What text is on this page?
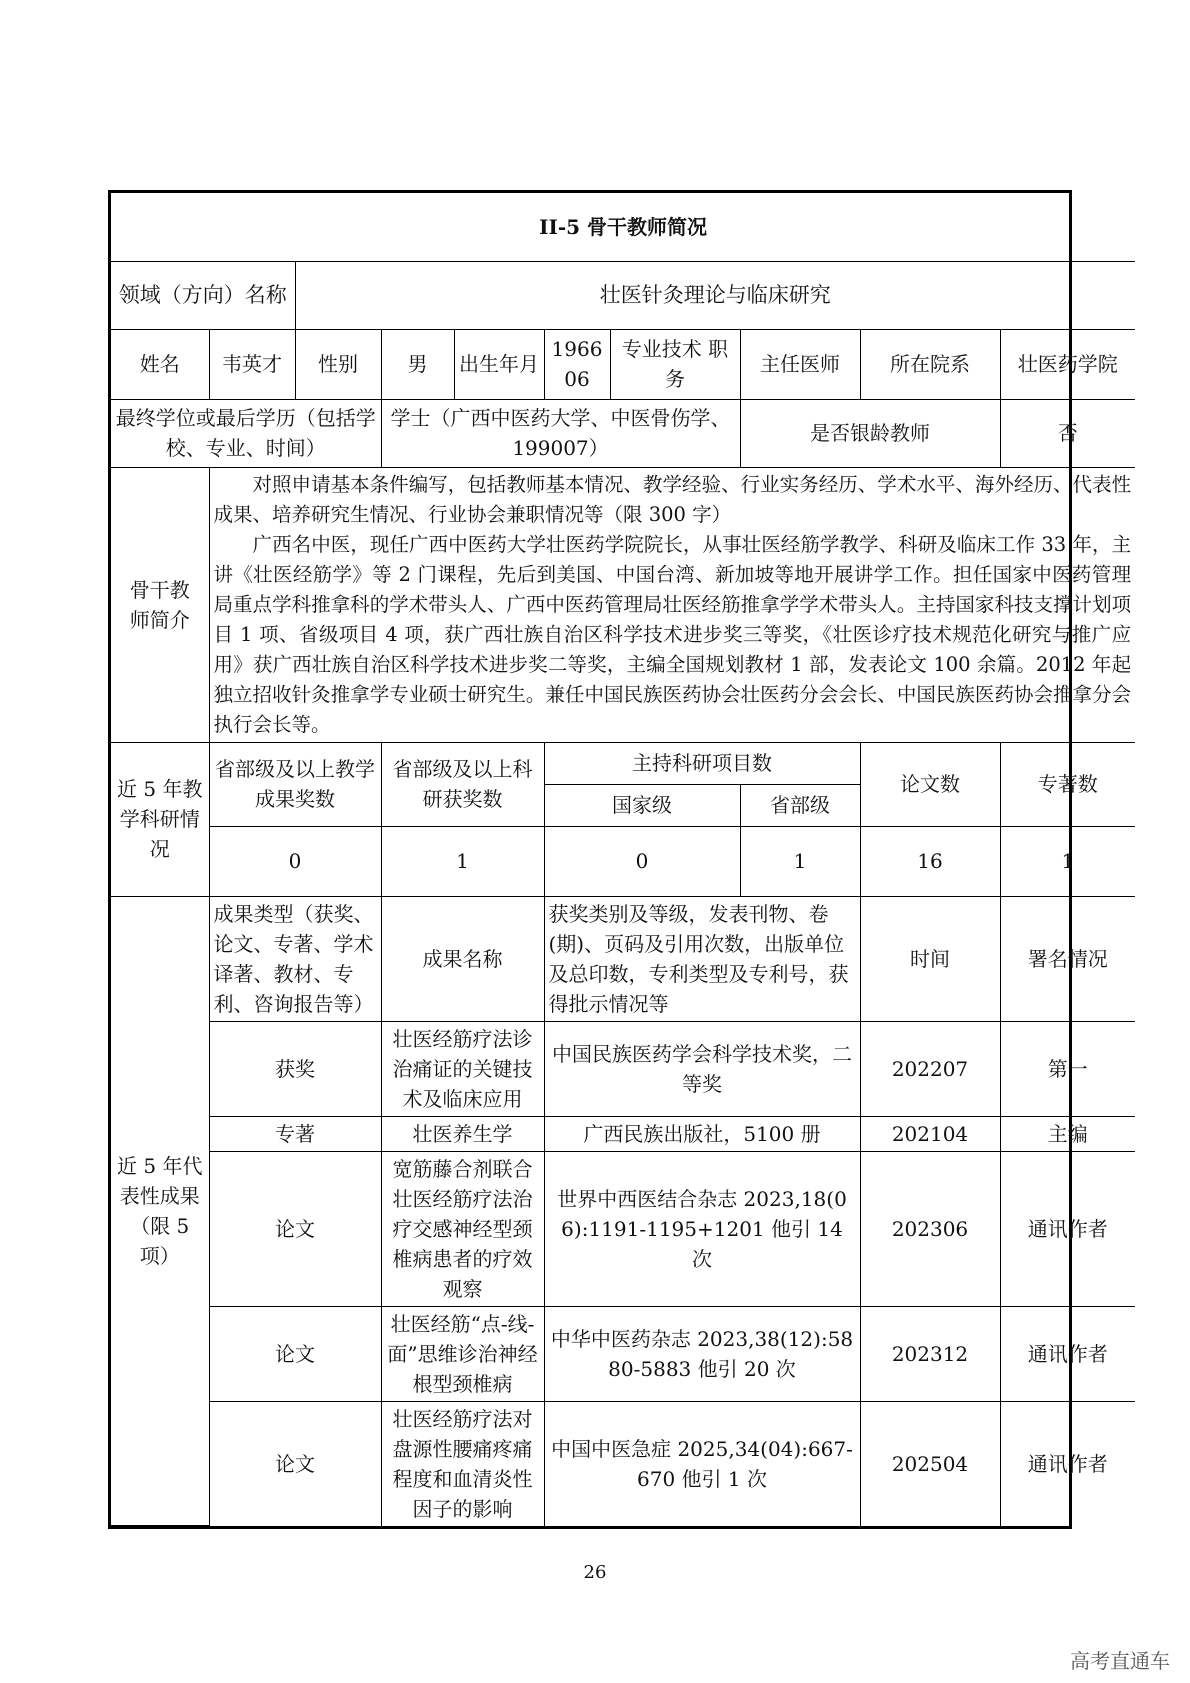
II-5 骨干教师简况									
领域（方向）名称		壮医针灸理论与临床研究							
姓名	韦英才	性别	男	出生年月	1966 06	专业技术 职　务	主任医师	所在院系	壮医药学院
最终学位或最后学历（包括学校、专业、时间）			学士（广西中医药大学、中医骨伤学、199007）				是否银龄教师		否
骨干教师简介	对照申请基本条件编写，包括教师基本情况、教学经验、行业实务经历、学术水平、海外经历、代表性成果、培养研究生情况、行业协会兼职情况等（限 300 字）

广西名中医，现任广西中医药大学壮医药学院院长，从事壮医经筋学教学、科研及临床工作 33 年，主讲《壮医经筋学》等 2 门课程，先后到美国、中国台湾、新加坡等地开展讲学工作。担任国家中医药管理局重点学科推拿科的学术带头人、广西中医药管理局壮医经筋推拿学学术带头人。主持国家科技支撑计划项目 1 项、省级项目 4 项，获广西壮族自治区科学技术进步奖三等奖，《壮医诊疗技术规范化研究与推广应用》获广西壮族自治区科学技术进步奖二等奖，主编全国规划教材 1 部，发表论文 100 余篇。2012 年起独立招收针灸推拿学专业硕士研究生。兼任中国民族医药协会壮医药分会会长、中国民族医药协会推拿分会执行会长等。								

近 5 年教学科研情况	省部级及以上教学成果奖数		省部级及以上科研获奖数		主持科研项目数			论文数	专著数
					国家级		省部级		
	0		1		0		1	16	1
近 5 年代表性成果（限 5 项）	成果类型（获奖、论文、专著、学术译著、教材、专利、咨询报告等）		成果名称		获奖类别及等级，发表刊物、卷(期)、页码及引用次数，出版单位及总印数，专利类型及专利号，获得批示情况等			时间	署名情况
	获奖		壮医经筋疗法诊治痛证的关键技术及临床应用		中国民族医药学会科学技术奖，二等奖			202207	第一
	专著		壮医养生学		广西民族出版社，5100 册			202104	主编
	论文		宽筋藤合剂联合壮医经筋疗法治疗交感神经型颈椎病患者的疗效观察		世界中西医结合杂志 2023,18(06):1191-1195+1201 他引 14 次			202306	通讯作者
	论文		壮医经筋“点-线-面”思维诊治神经根型颈椎病		中华中医药杂志 2023,38(12):5880-5883 他引 20 次			202312	通讯作者
	论文		壮医经筋疗法对盘源性腰痛疼痛程度和血清炎性因子的影响		中国中医急症 2025,34(04):667-670 他引 1 次			202504	通讯作者
26
高考直通车
